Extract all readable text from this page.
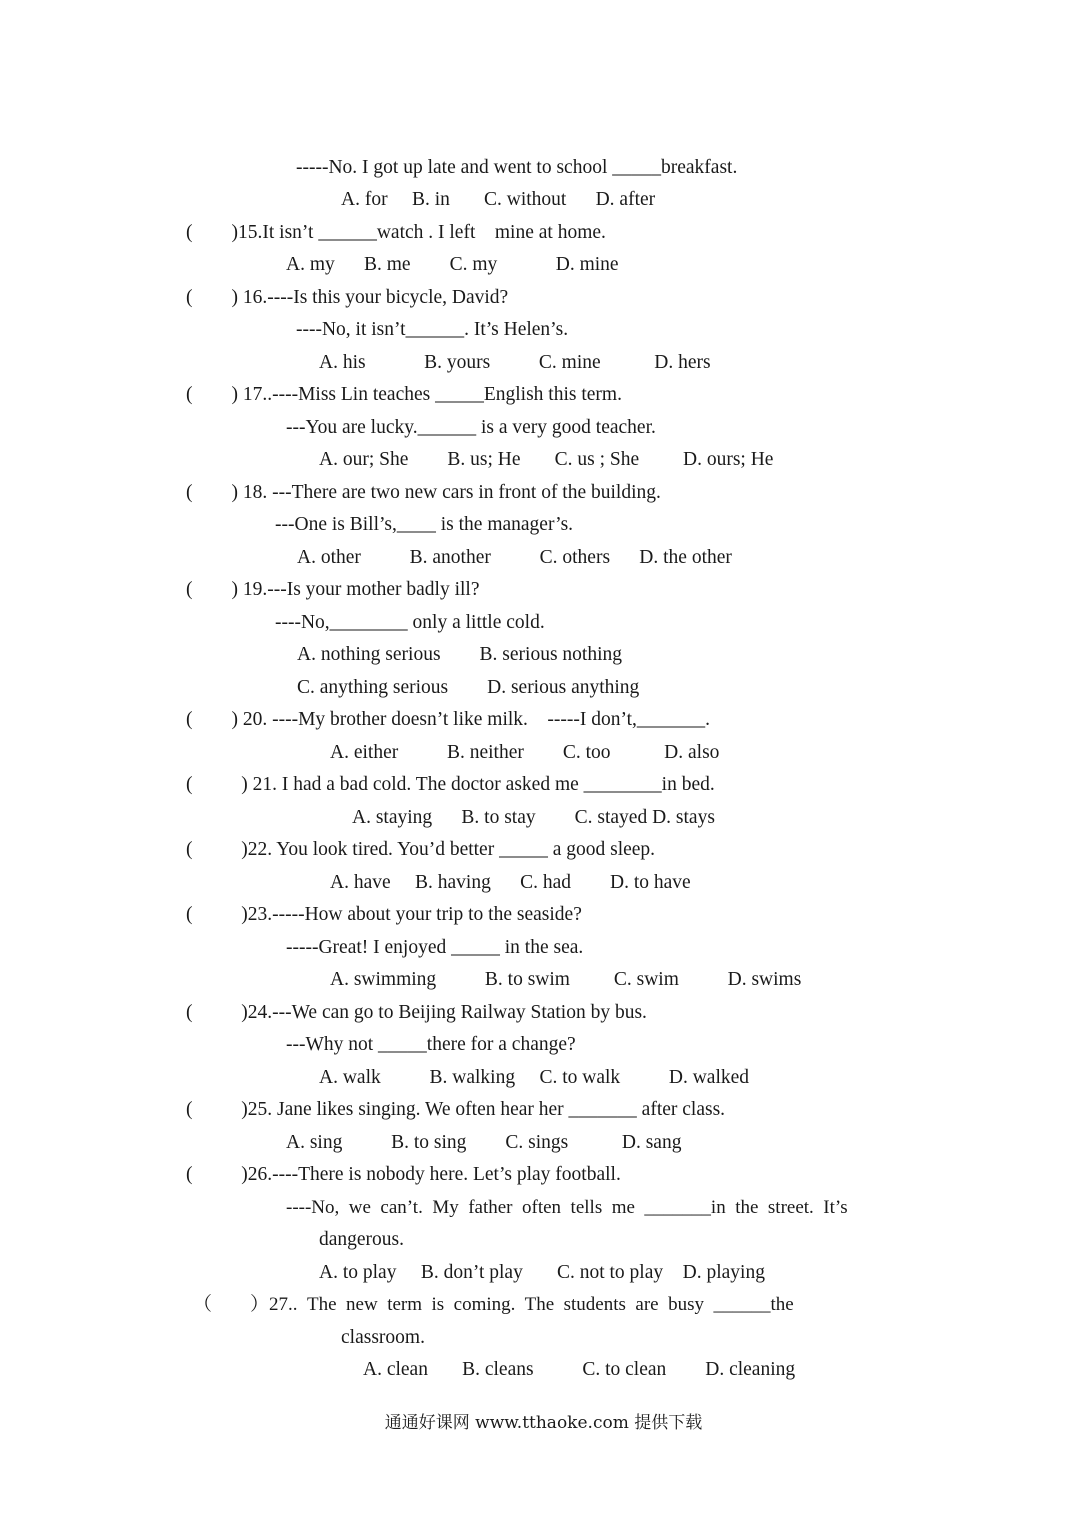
-----No. I got up late and went to school _____breakfast.
A. for     B. in       C. without      D. after
(        )15.It isn’t ______watch . I left    mine at home.
A. my      B. me        C. my            D. mine
(        ) 16.----Is this your bicycle, David?
----No, it isn’t______. It’s Helen’s.
A. his            B. yours          C. mine           D. hers
(        ) 17..----Miss Lin teaches _____English this term.
---You are lucky.______ is a very good teacher.
A. our; She        B. us; He       C. us ; She         D. ours; He
(        ) 18. ---There are two new cars in front of the building.
---One is Bill’s,____ is the manager’s.
A. other          B. another          C. others      D. the other
(        ) 19.---Is your mother badly ill?
----No,________ only a little cold.
A. nothing serious        B. serious nothing
C. anything serious        D. serious anything
(        ) 20. ----My brother doesn’t like milk.    -----I don’t,_______.
A. either          B. neither        C. too           D. also
(          ) 21. I had a bad cold. The doctor asked me ________in bed.
A. staying      B. to stay        C. stayed D. stays
(          )22. You look tired. You’d better _____ a good sleep.
A. have     B. having      C. had        D. to have
(          )23.-----How about your trip to the seaside?
-----Great! I enjoyed _____ in the sea.
A. swimming          B. to swim         C. swim          D. swims
(          )24.---We can go to Beijing Railway Station by bus.
---Why not _____there for a change?
A. walk          B. walking     C. to walk          D. walked
(          )25. Jane likes singing. We often hear her _______ after class.
A. sing          B. to sing        C. sings           D. sang
(          )26.----There is nobody here. Let’s play football.
----No,  we  can’t.  My  father  often  tells  me  _______in  the  street.  It’s
dangerous.
A. to play     B. don’t play       C. not to play    D. playing
（        ）27..  The  new  term  is  coming.  The  students  are  busy  ______the
classroom.
A. clean       B. cleans          C. to clean        D. cleaning
通通好课网 www.tthaoke.com 提供下载
